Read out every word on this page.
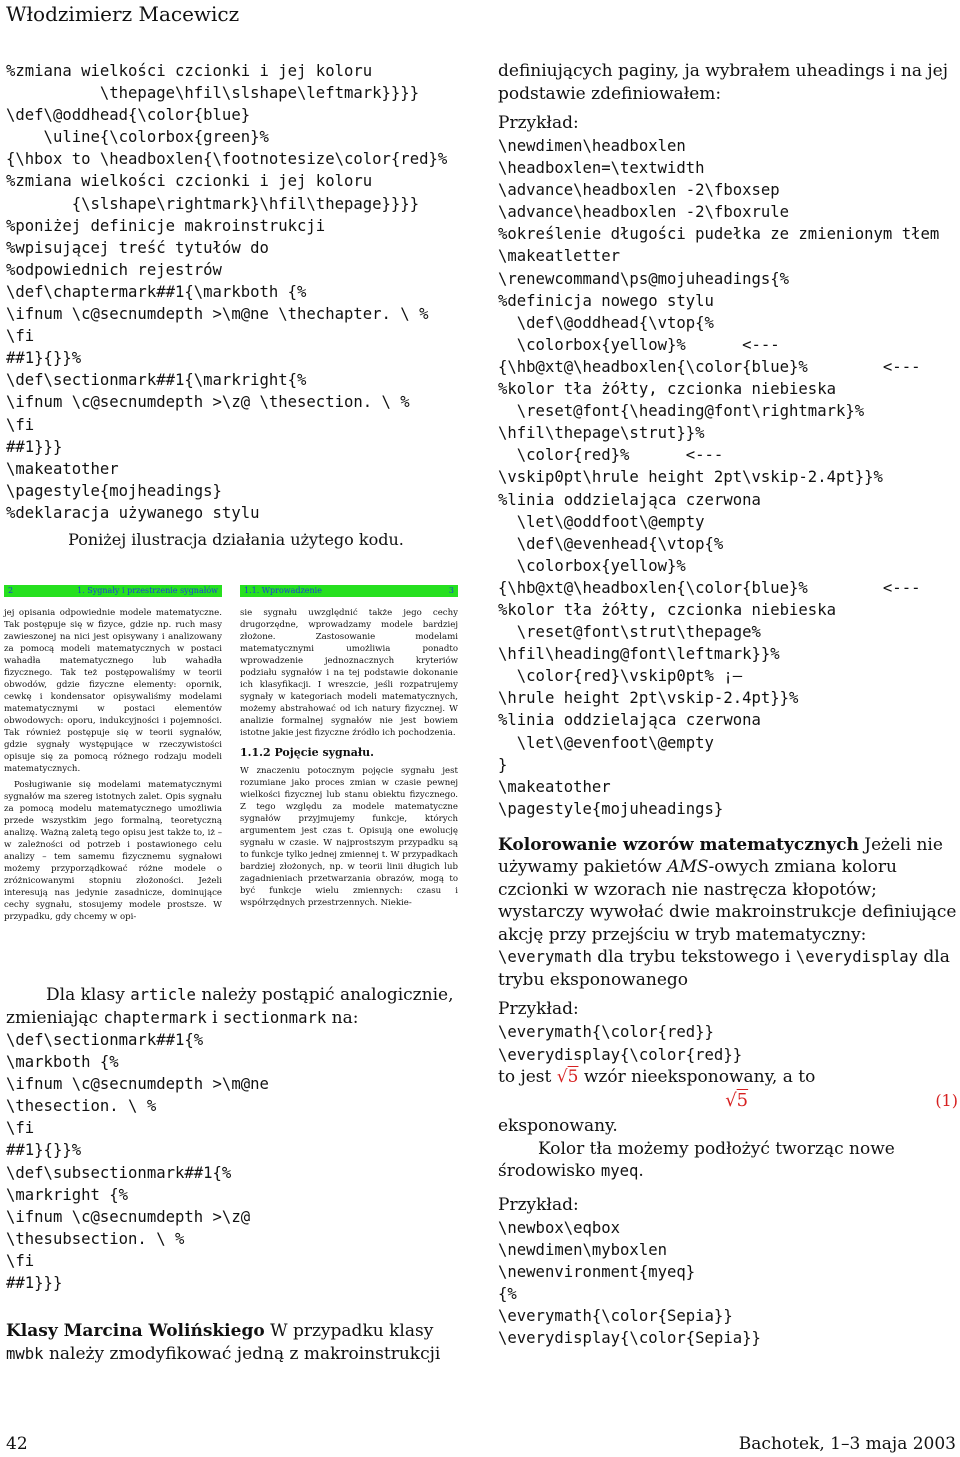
Włodzimierz Macewicz
%zmiana wielkości czcionki i jej koloru
\thepage\hfil\slshape\leftmark}}}}
\def\@oddhead{\color{blue}
\uline{\colorbox{green}%
{\hbox to \headboxlen{\footnotesize\color{red}%
%zmiana wielkości czcionki i jej koloru
{\slshape\rightmark}\hfil\thepage}}}}
%poniżej definicje makroinstrukcji
%wpisującej treść tytułów do
%odpowiednich rejestrów
\def\chaptermark##1{\markboth {%
\ifnum \c@secnumdepth >\m@ne \thechapter. \ %
\fi
##1}{}}%
\def\sectionmark##1{\markright{%
\ifnum \c@secnumdepth >\z@ \thesection. \ %
\fi
##1}}}
\makeatother
\pagestyle{mojheadings}
%deklaracja używanego stylu
Poniżej ilustracja działania użytego kodu.
2	1. Sygnały i przestrzenie sygnałów
jej opisania odpowiednie modele matematyczne. Tak postępuje się w fizyce, gdzie np. ruch masy zawieszonej na nici jest opisywany i analizowany za pomocą modeli matematycznych w postaci wahadła matematycznego lub wahadła fizycznego. Tak też postępowaliśmy w teorii obwodów, gdzie fizyczne elementy: opornik, cewkę i kondensator opisywaliśmy modelami matematycznymi w postaci elementów obwodowych: oporu, indukcyjności i pojemności. Tak również postępuje się w teorii sygnałów, gdzie sygnały występujące w rzeczywistości opisuje się za pomocą różnego rodzaju modeli matematycznych.
Posługiwanie się modelami matematycznymi sygnałów ma szereg istotnych zalet. Opis sygnału za pomocą modelu matematycznego umożliwia przede wszystkim jego formalną, teoretyczną analizę. Ważną zaletą tego opisu jest także to, iż – w zależności od potrzeb i postawionego celu analizy – tem samemu fizycznemu sygnałowi możemy przyporządkować różne modele o zróżnicowanymi stopniu złożoności. Jeżeli interesują nas jedynie zasadnicze, dominujące cechy sygnału, stosujemy modele prostsze. W przypadku, gdy chcemy w opi-
1.1. Wprowadzenie	3
sie sygnału uwzględnić także jego cechy drugorzędne, wprowadzamy modele bardziej złożone. Zastosowanie modelami matematycznymi umożliwia ponadto wprowadzenie jednoznacznych kryteriów podziału sygnałów i na tej podstawie dokonanie ich klasyfikacji. I wreszcie, jeśli rozpatrujemy sygnały w kategoriach modeli matematycznych, możemy abstrahować od ich natury fizycznej. W analizie formalnej sygnałów nie jest bowiem istotne jakie jest fizyczne źródło ich pochodzenia.
1.1.2 Pojęcie sygnału.
W znaczeniu potocznym pojęcie sygnału jest rozumiane jako proces zmian w czasie pewnej wielkości fizycznej lub stanu obiektu fizycznego. Z tego względu za modele matematyczne sygnałów przyjmujemy funkcje, których argumentem jest czas t. Opisują one ewolucję sygnału w czasie. W najprostszym przypadku są to funkcje tylko jednej zmiennej t. W przypadkach bardziej złożonych, np. w teorii linii długich lub zagadnieniach przetwarzania obrazów, mogą to być funkcje wielu zmiennych: czasu i współrzędnych przestrzennych. Niekie-

Dla klasy article należy postąpić analogicznie, zmieniając chaptermark i sectionmark na:

\def\sectionmark##1{%
\markboth {%
\ifnum \c@secnumdepth >\m@ne
\thesection. \ %
\fi
##1}{}}%
\def\subsectionmark##1{%
\markright {%
\ifnum \c@secnumdepth >\z@
\thesubsection. \ %
\fi
##1}}}

Klasy Marcina Wolińskiego W przypadku klasy mwbk należy zmodyfikować jedną z makroinstrukcji

definiujących paginy, ja wybrałem uheadings i na jej podstawie zdefiniowałem:

Przykład:
\newdimen\headboxlen
\headboxlen=\textwidth
\advance\headboxlen -2\fboxsep
\advance\headboxlen -2\fboxrule
%określenie długości pudełka ze zmienionym tłem
\makeatletter
\renewcommand\ps@mojuheadings{%
%definicja nowego stylu
\def\@oddhead{\vtop{%
\colorbox{yellow}%      <---
{\hb@xt@\headboxlen{\color{blue}%        <---
%kolor tła żółty, czcionka niebieska
\reset@font{\heading@font\rightmark}%
\hfil\thepage\strut}}%
\color{red}%      <---
\vskip0pt\hrule height 2pt\vskip-2.4pt}}%
%linia oddzielająca czerwona
\let\@oddfoot\@empty
\def\@evenhead{\vtop{%
\colorbox{yellow}%
{\hb@xt@\headboxlen{\color{blue}%        <---
%kolor tła żółty, czcionka niebieska
\reset@font\strut\thepage%
\hfil\heading@font\leftmark}}%
\color{red}\vskip0pt% ¡—
\hrule height 2pt\vskip-2.4pt}}%
%linia oddzielająca czerwona
\let\@evenfoot\@empty
}
\makeatother
\pagestyle{mojuheadings}

Kolorowanie wzorów matematycznych Jeżeli nie używamy pakietów AMS-owych zmiana koloru czcionki w wzorach nie nastręcza kłopotów; wystarczy wywołać dwie makroinstrukcje definiujące akcję przy przejściu w tryb matematyczny: \everymath dla trybu tekstowego i \everydisplay dla trybu eksponowanego

Przykład:
\everymath{\color{red}}
\everydisplay{\color{red}}

to jest √5 wzór nieeksponowany, a to

√5	(1)

eksponowany.

Kolor tła możemy podłożyć tworząc nowe środowisko myeq.

Przykład:
\newbox\eqbox
\newdimen\myboxlen
\newenvironment{myeq}
{%
\everymath{\color{Sepia}}
\everydisplay{\color{Sepia}}
42	Bachotek, 1–3 maja 2003
